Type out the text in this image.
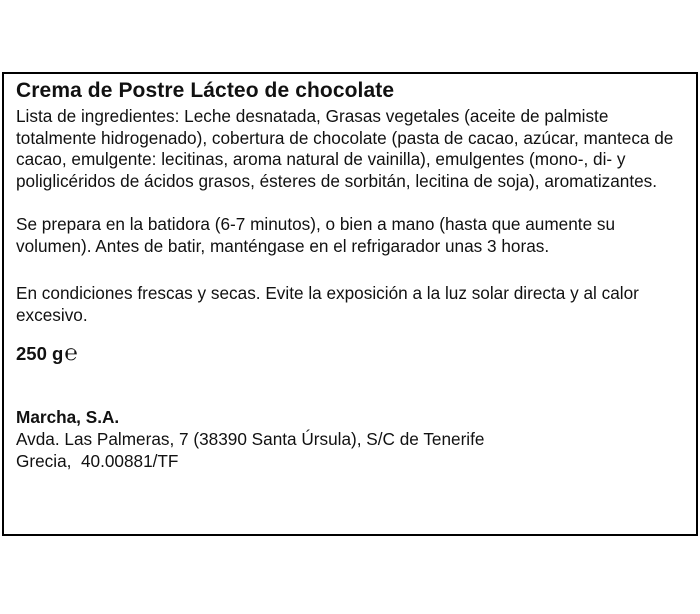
Crema de Postre Lácteo de chocolate

Lista de ingredientes: Leche desnatada, Grasas vegetales (aceite de palmiste totalmente hidrogenado), cobertura de chocolate (pasta de cacao, azúcar, manteca de cacao, emulgente: lecitinas, aroma natural de vainilla), emulgentes (mono-, di- y poliglicéridos de ácidos grasos, ésteres de sorbitán, lecitina de soja), aromatizantes.

Se prepara en la batidora (6-7 minutos), o bien a mano (hasta que aumente su volumen). Antes de batir, manténgase en el refrigarador unas 3 horas.

En condiciones frescas y secas. Evite la exposición a la luz solar directa y al calor excesivo.

250 g ℮
Marcha, S.A.

Avda. Las Palmeras, 7 (38390 Santa Úrsula), S/C de Tenerife

Grecia,  40.00881/TF
